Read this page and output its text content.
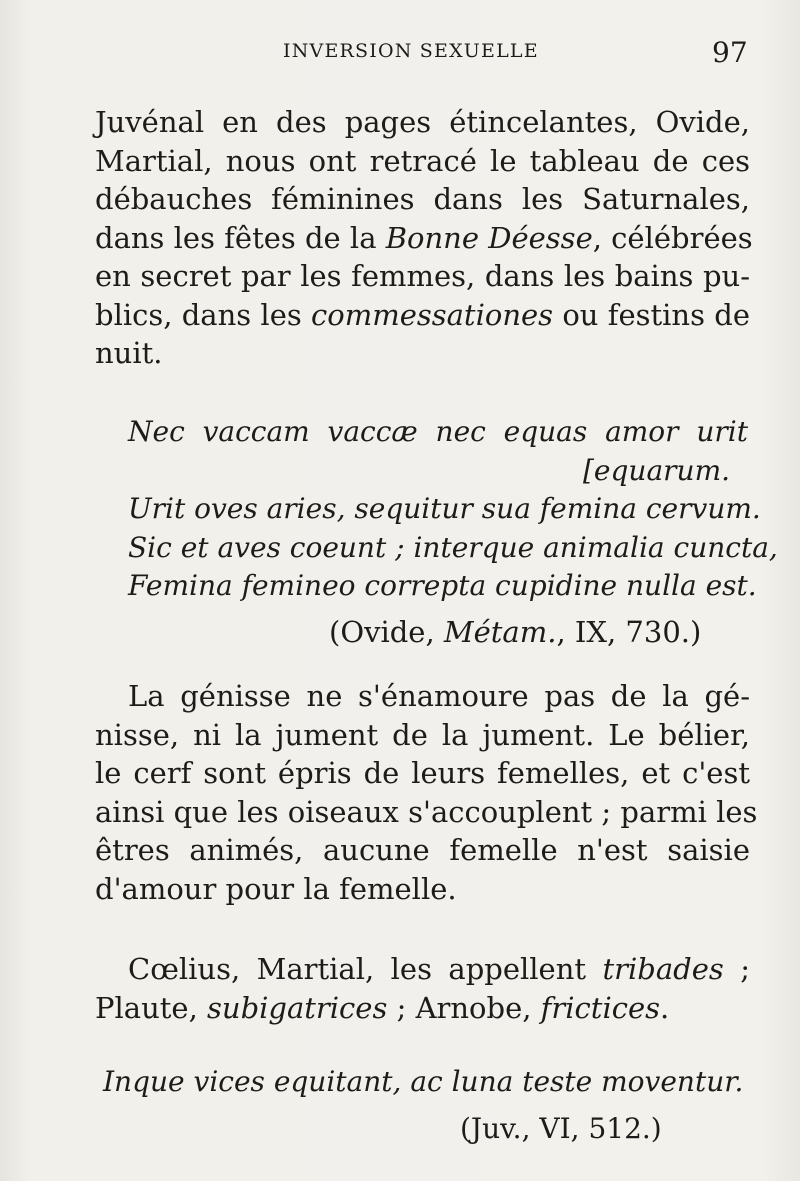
INVERSION SEXUELLE	97
Juvénal en des pages étincelantes, Ovide,
Martial, nous ont retracé le tableau de ces
débauches féminines dans les Saturnales,
dans les fêtes de la Bonne Déesse, célébrées
en secret par les femmes, dans les bains pu-
blics, dans les commessationes ou festins de
nuit.
Nec vaccam vaccæ nec equas amor urit
[equarum.
Urit oves aries, sequitur sua femina cervum.
Sic et aves coeunt ; interque animalia cuncta,
Femina femineo correpta cupidine nulla est.
(Ovide, Métam., IX, 730.)
La génisse ne s'énamoure pas de la gé-
nisse, ni la jument de la jument. Le bélier,
le cerf sont épris de leurs femelles, et c'est
ainsi que les oiseaux s'accouplent ; parmi les
êtres animés, aucune femelle n'est saisie
d'amour pour la femelle.
Cœlius, Martial, les appellent tribades ;
Plaute, subigatrices ; Arnobe, frictices.
Inque vices equitant, ac luna teste moventur.
(Juv., VI, 512.)
